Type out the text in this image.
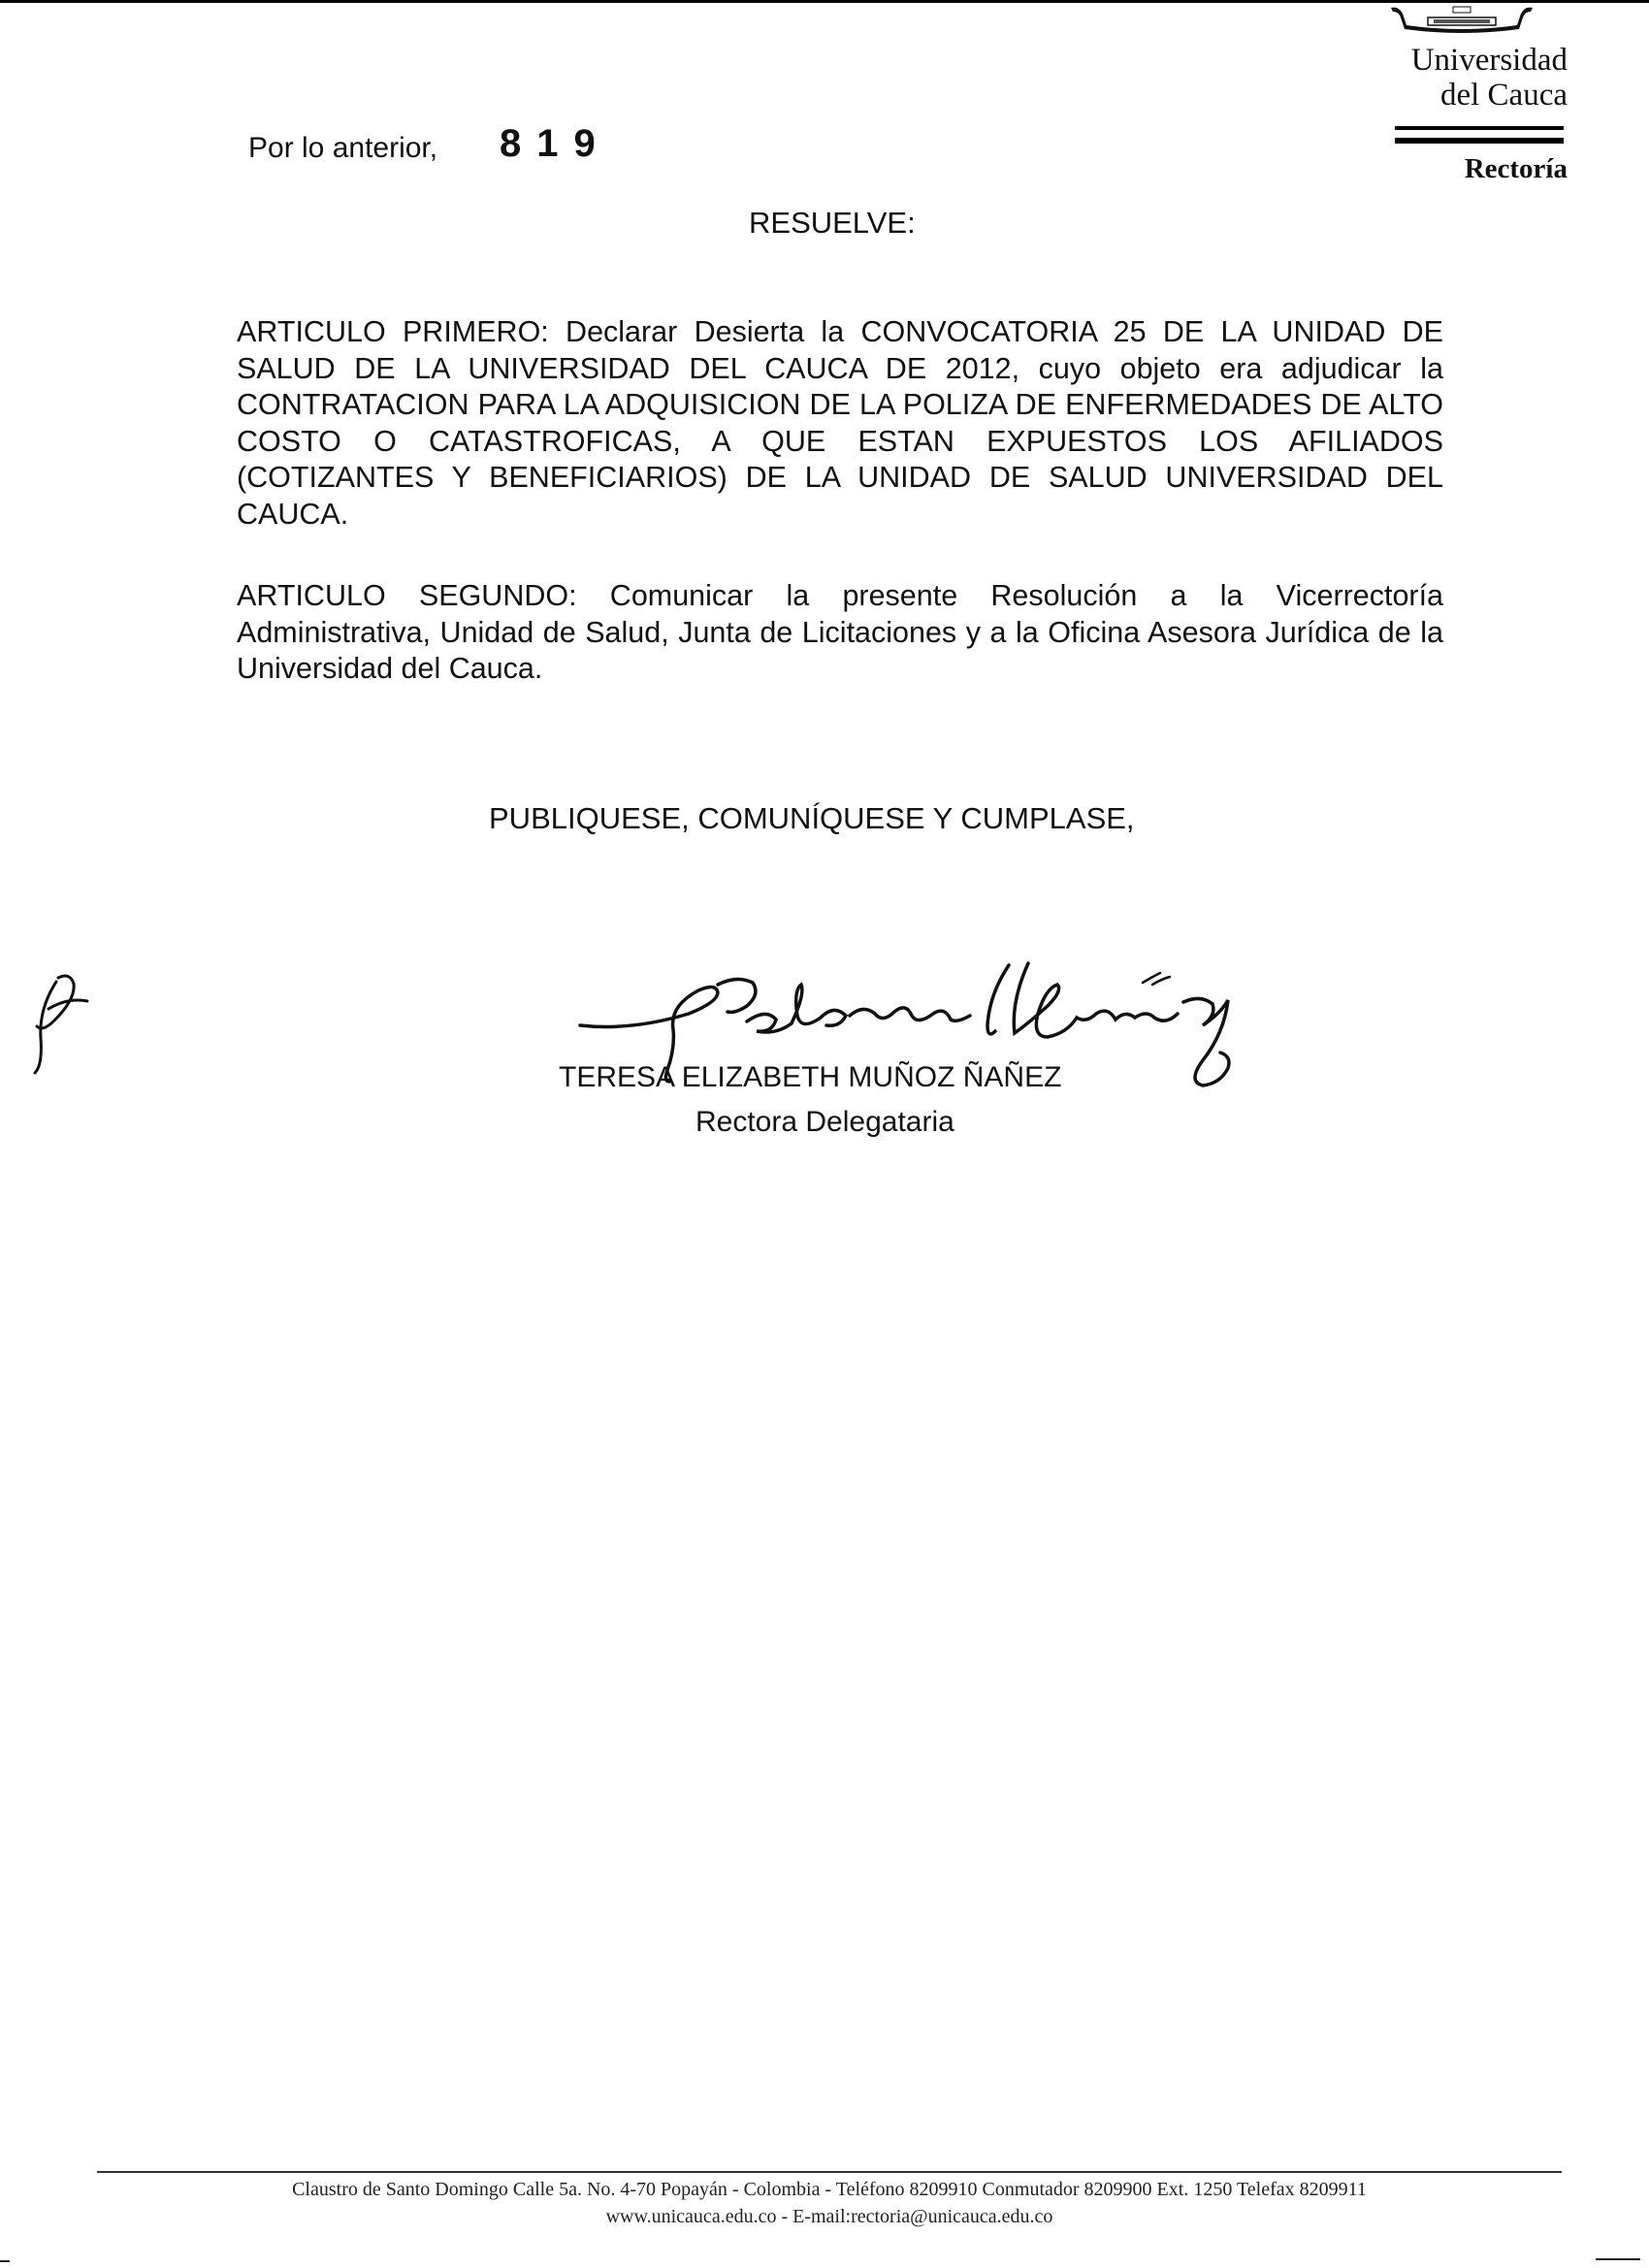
Universidad
del Cauca
Rectoría
Por lo anterior, 819
RESUELVE:
ARTICULO PRIMERO: Declarar Desierta la CONVOCATORIA 25 DE LA UNIDAD DE SALUD DE LA UNIVERSIDAD DEL CAUCA DE 2012, cuyo objeto era adjudicar la CONTRATACION PARA LA ADQUISICION DE LA POLIZA DE ENFERMEDADES DE ALTO COSTO O CATASTROFICAS, A QUE ESTAN EXPUESTOS LOS AFILIADOS (COTIZANTES Y BENEFICIARIOS) DE LA UNIDAD DE SALUD UNIVERSIDAD DEL CAUCA.
ARTICULO SEGUNDO: Comunicar la presente Resolución a la Vicerrectoría Administrativa, Unidad de Salud, Junta de Licitaciones y a la Oficina Asesora Jurídica de la Universidad del Cauca.
PUBLIQUESE, COMUNÍQUESE Y CUMPLASE,
TERESA ELIZABETH MUÑOZ ÑAÑEZ
Rectora Delegataria
Claustro de Santo Domingo Calle 5a. No. 4-70 Popayán - Colombia - Teléfono 8209910 Conmutador 8209900 Ext. 1250 Telefax 8209911
www.unicauca.edu.co - E-mail:rectoria@unicauca.edu.co
